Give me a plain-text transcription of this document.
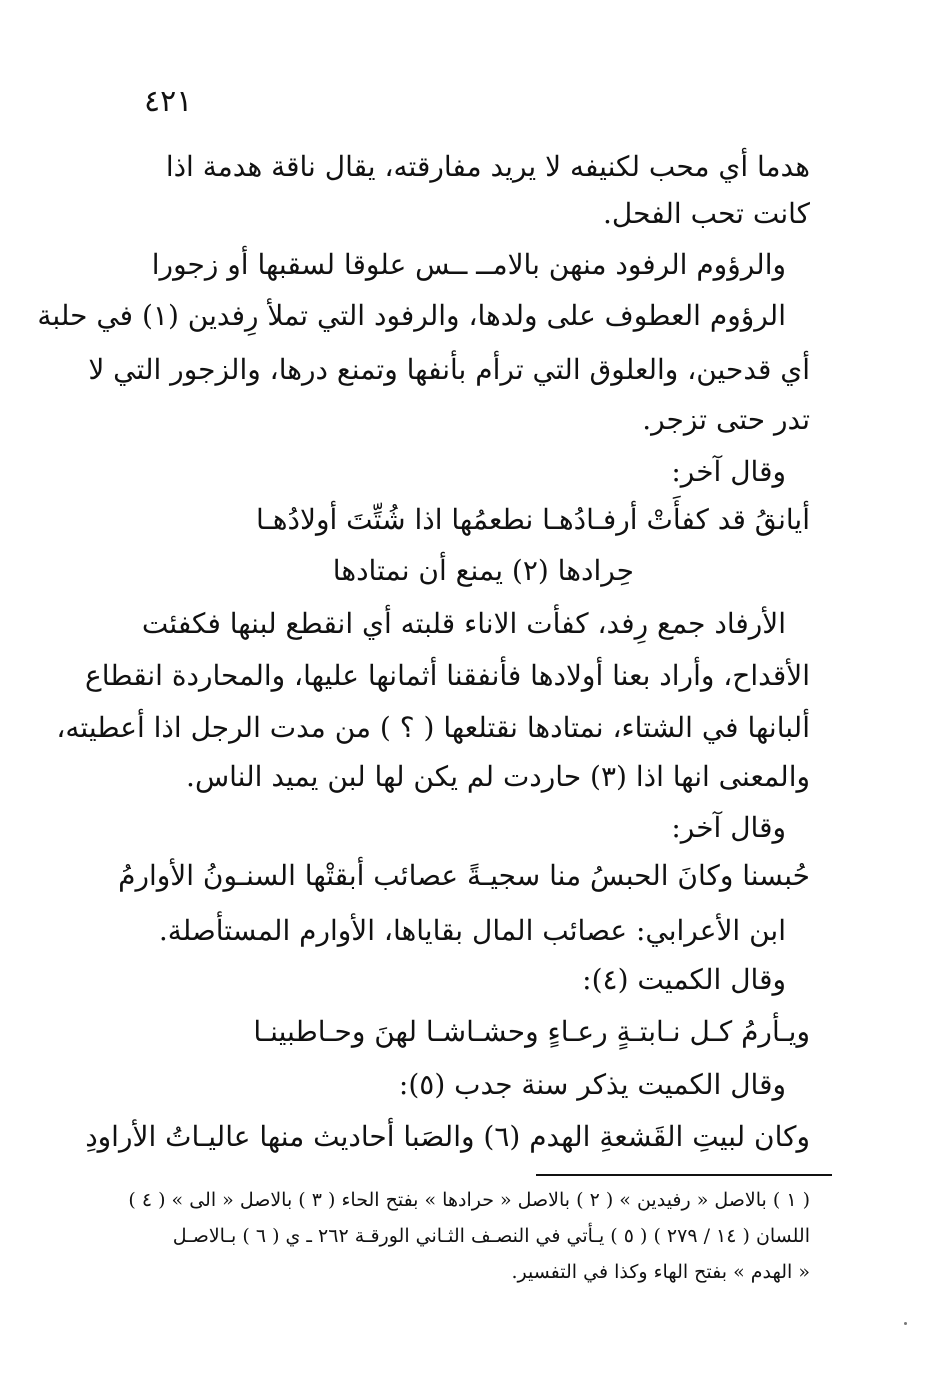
٤٢١
هدما أي محب لكنيفه لا يريد مفارقته، يقال ناقة هدمة اذا
كانت تحب الفحل.
والرؤوم الرفود منهن بالامــ ــس علوقا لسقبها أو زجورا
الرؤوم العطوف على ولدها، والرفود التي تملأ رِفدين (١) في حلبة
أي قدحين، والعلوق التي ترأم بأنفها وتمنع درها، والزجور التي لا
تدر حتى تزجر.
وقال آخر:
أيانقُ قد كفأَتْ أرفـادُهـا نطعمُها اذا شُتِّتَ أولادُهـا
حِرادها (٢) يمنع أن نمتادها
الأرفاد جمع رِفد، كفأت الاناء قلبته أي انقطع لبنها فكفئت
الأقداح، وأراد بعنا أولادها فأنفقنا أثمانها عليها، والمحاردة انقطاع
ألبانها في الشتاء، نمتادها نقتلعها ( ؟ ) من مدت الرجل اذا أعطيته،
والمعنى انها اذا (٣) حاردت لم يكن لها لبن يميد الناس.
وقال آخر:
حُبسنا وكانَ الحبسُ منا سجيـةً عصائب أبقتْها السنـونُ الأوارمُ
ابن الأعرابي: عصائب المال بقاياها، الأوارم المستأصلة.
وقال الكميت (٤):
ويـأرمُ كـل نـابتـةٍ رعـاءٍ وحشـاشـا لهنَ وحـاطبينـا
وقال الكميت يذكر سنة جدب (٥):
وكان لبيتِ القَشعةِ الهدم (٦) والصَبا أحاديث منها عاليـاتُ الأراودِ
( ١ ) بالاصل « رفيدين » ( ٢ ) بالاصل « حرادها » بفتح الحاء ( ٣ ) بالاصل « الى » ( ٤ )
اللسان ( ١٤ / ٢٧٩ ) ( ٥ ) يـأتي في النصـف الثـاني الورقـة ٢٦٢ ـ ي ( ٦ ) بـالاصـل
« الهدم » بفتح الهاء وكذا في التفسير.
